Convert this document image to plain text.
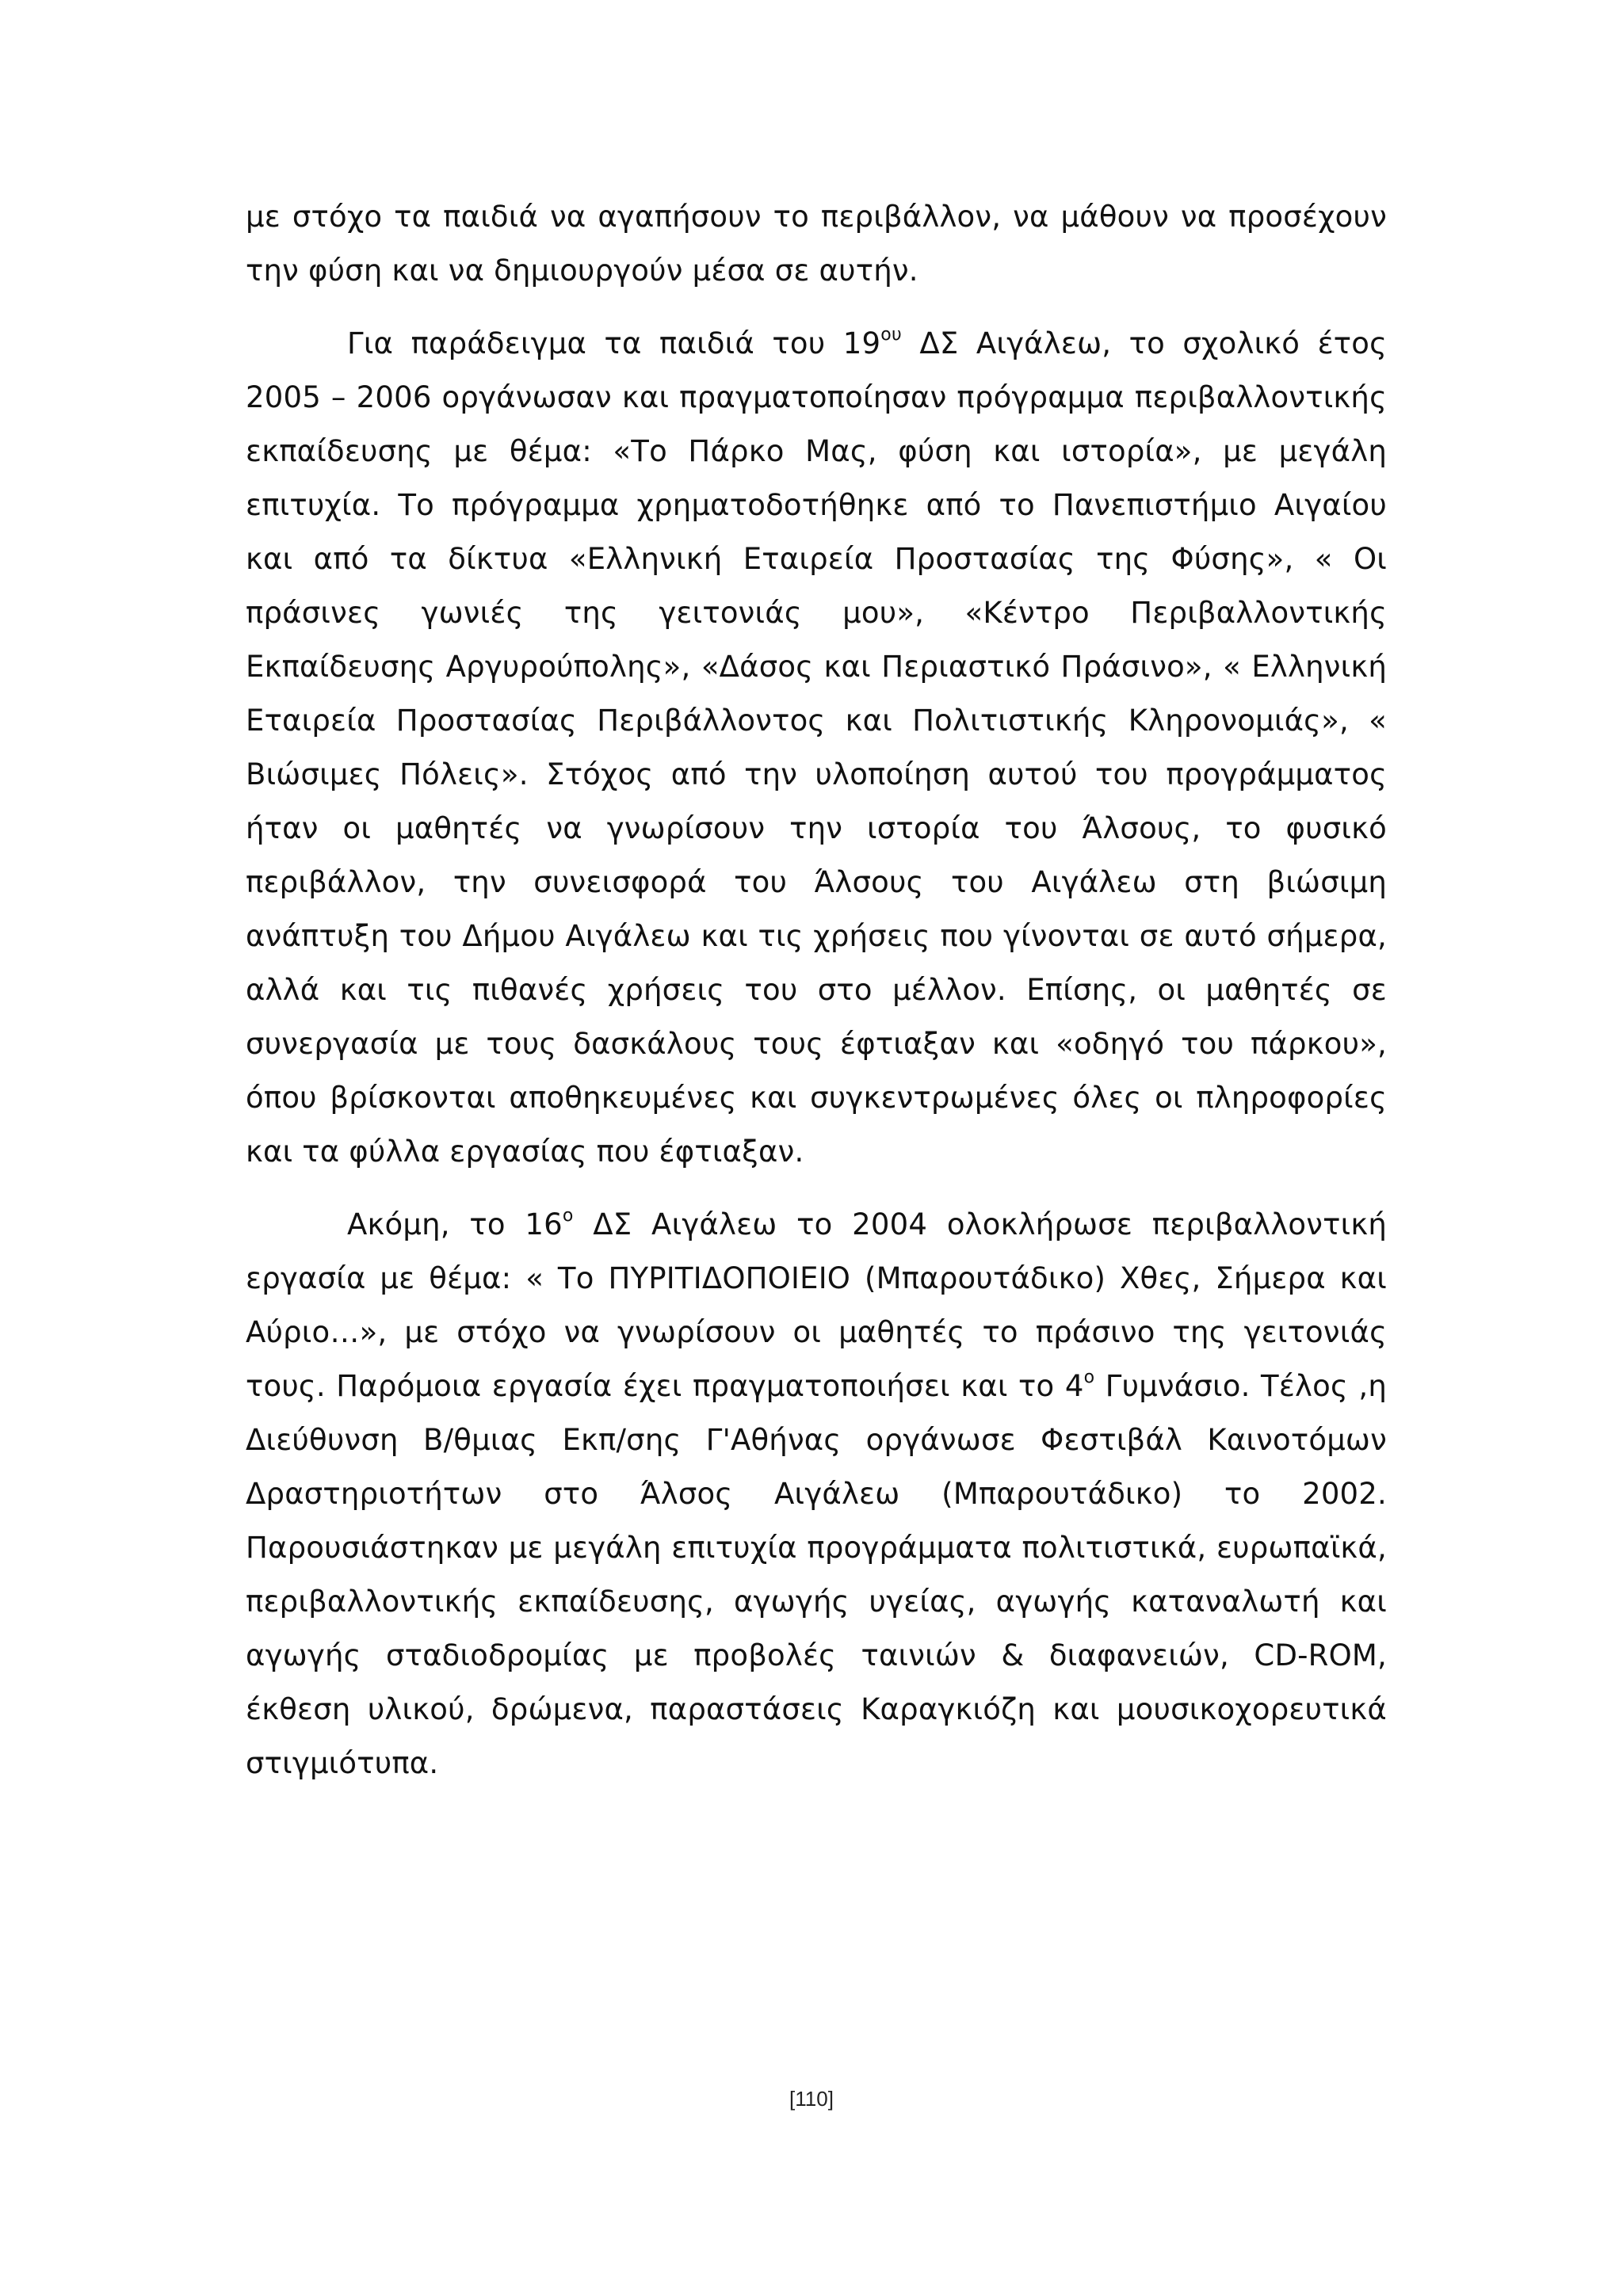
με στόχο τα παιδιά να αγαπήσουν το περιβάλλον, να μάθουν να προσέχουν την φύση και να δημιουργούν μέσα σε αυτήν.

Για παράδειγμα τα παιδιά του $19^{o\upsilon}$ ΔΣ Αιγάλεω, το σχολικό έτος 2005 – 2006 οργάνωσαν και πραγματοποίησαν πρόγραμμα περιβαλλοντικής εκπαίδευσης με θέμα: «Το Πάρκο Μας, φύση και ιστορία», με μεγάλη επιτυχία. Το πρόγραμμα χρηματοδοτήθηκε από το Πανεπιστήμιο Αιγαίου και από τα δίκτυα «Ελληνική Εταιρεία Προστασίας της Φύσης», « Οι πράσινες γωνιές της γειτονιάς μου», «Κέντρο Περιβαλλοντικής Εκπαίδευσης Αργυρούπολης», «Δάσος και Περιαστικό Πράσινο», « Ελληνική Εταιρεία Προστασίας Περιβάλλοντος και Πολιτιστικής Κληρονομιάς», « Βιώσιμες Πόλεις». Στόχος από την υλοποίηση αυτού του προγράμματος ήταν οι μαθητές να γνωρίσουν την ιστορία του Άλσους, το φυσικό περιβάλλον, την συνεισφορά του Άλσους του Αιγάλεω στη βιώσιμη ανάπτυξη του Δήμου Αιγάλεω και τις χρήσεις που γίνονται σε αυτό σήμερα, αλλά και τις πιθανές χρήσεις του στο μέλλον. Επίσης, οι μαθητές σε συνεργασία με τους δασκάλους τους έφτιαξαν και «οδηγό του πάρκου», όπου βρίσκονται αποθηκευμένες και συγκεντρωμένες όλες οι πληροφορίες και τα φύλλα εργασίας που έφτιαξαν.

Ακόμη, το $16^o$ ΔΣ Αιγάλεω το 2004 ολοκλήρωσε περιβαλλοντική εργασία με θέμα: « Το ΠΥΡΙΤΙΔΟΠΟΙΕΙΟ (Μπαρουτάδικο) Χθες, Σήμερα και Αύριο…», με στόχο να γνωρίσουν οι μαθητές το πράσινο της γειτονιάς τους. Παρόμοια εργασία έχει πραγματοποιήσει και το $4^o$ Γυμνάσιο. Τέλος ,η Διεύθυνση Β/θμιας Εκπ/σης Γ'Αθήνας οργάνωσε Φεστιβάλ Καινοτόμων Δραστηριοτήτων στο Άλσος Αιγάλεω (Μπαρουτάδικο) το 2002. Παρουσιάστηκαν με μεγάλη επιτυχία προγράμματα πολιτιστικά, ευρωπαϊκά, περιβαλλοντικής εκπαίδευσης, αγωγής υγείας, αγωγής καταναλωτή και αγωγής σταδιοδρομίας με προβολές ταινιών & διαφανειών, CD-ROM, έκθεση υλικού, δρώμενα, παραστάσεις Καραγκιόζη και μουσικοχορευτικά στιγμιότυπα.

[110]
